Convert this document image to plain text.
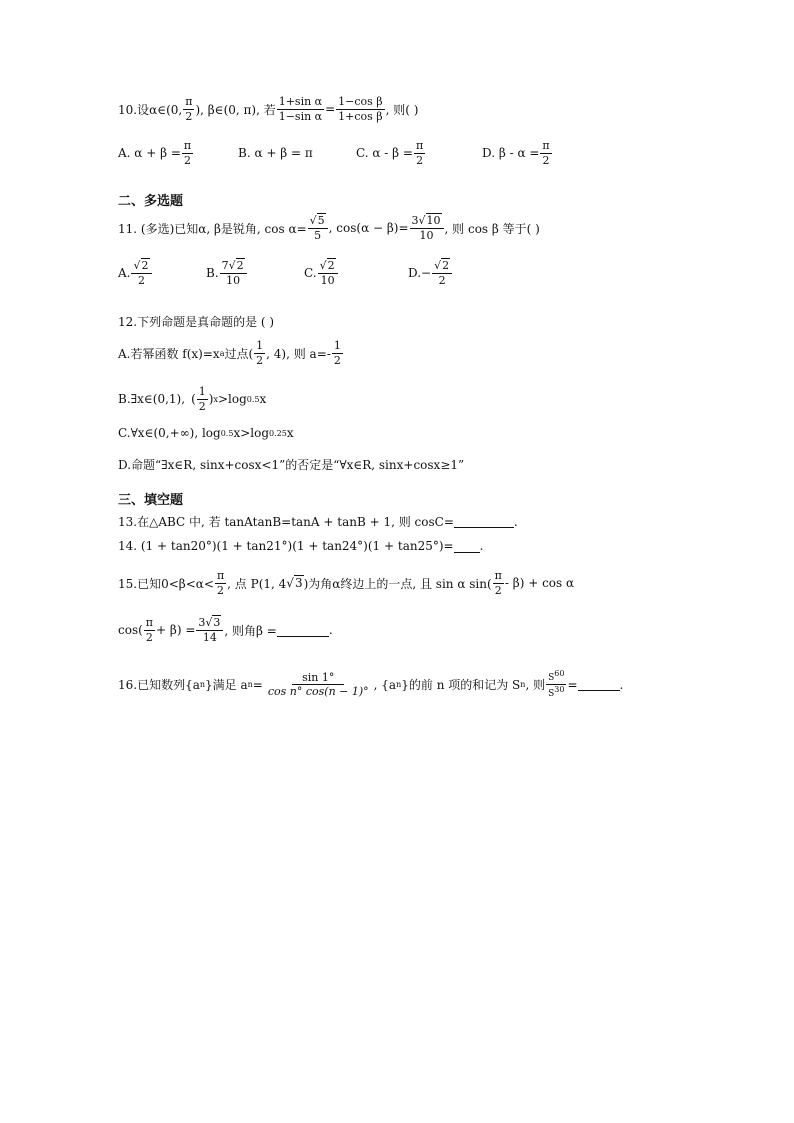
10.设α∈(0, $\frac{\pi}{2}$ ), β∈(0, π), 若 $\frac{\text{1+sin α}}{\text{1−sin α}} = \frac{\text{1−cos β}}{\text{1+cos β}}$ , 则( )
A. $\alpha + \beta = \frac{\pi}{2}$	B. α + β = π	C. $\alpha - \beta = \frac{\pi}{2}$	D. $\beta - \alpha = \frac{\pi}{2}$
二、多选题
11. (多选)已知α, β是锐角, $\cos \alpha= \frac{√5}{5}$ , $\cos(\alpha - \beta)= \frac{3√10}{10}$ , 则 cos β 等于( )
A. $\frac{√2}{2}$	B. $\frac{7√2}{10}$	C. $\frac{√2}{10}$	D. − $\frac{√2}{2}$
12.下列命题是真命题的是 ( )
A.若幂函数 f(x)=x a 过点( $\frac{1}{2}$ , 4), 则 $a=- \frac{1}{2}$
B.∃x∈(0,1), ( $\frac{1}{2}$ ) x >log 0.5 x
C.∀x∈(0,+∞), log 0.5 x>log 0.25 x
D.命题“∃x∈R, sinx+cosx<1”的否定是“∀x∈R, sinx+cosx≥1”
三、填空题
13.在△ABC 中, 若 tanAtanB=tanA + tanB + 1, 则 cosC=	.
14. (1 + tan20°)(1 + tan21°)(1 + tan24°)(1 + tan25°)= .
15.已知$0<\beta<\alpha< \frac{\pi}{2}$ , 点 P(1, 4 √ 3 )为角α终边上的一点, 且 sin α $\sin( \frac{\pi}{2} - \beta) + \cos \alpha$
$\cos( \frac{\pi}{2} + \beta) = \frac{3√3}{14}$ , 则角β =	.
16.已知数列{a n }满足 a $n = \frac{\sin 1^\circ}{\text{cos n° cos(n − 1)°}}$ , {a n }的前 n 项的和记为 S n , 则 $\frac{S^{60}}{S^{30}}$ =	.
